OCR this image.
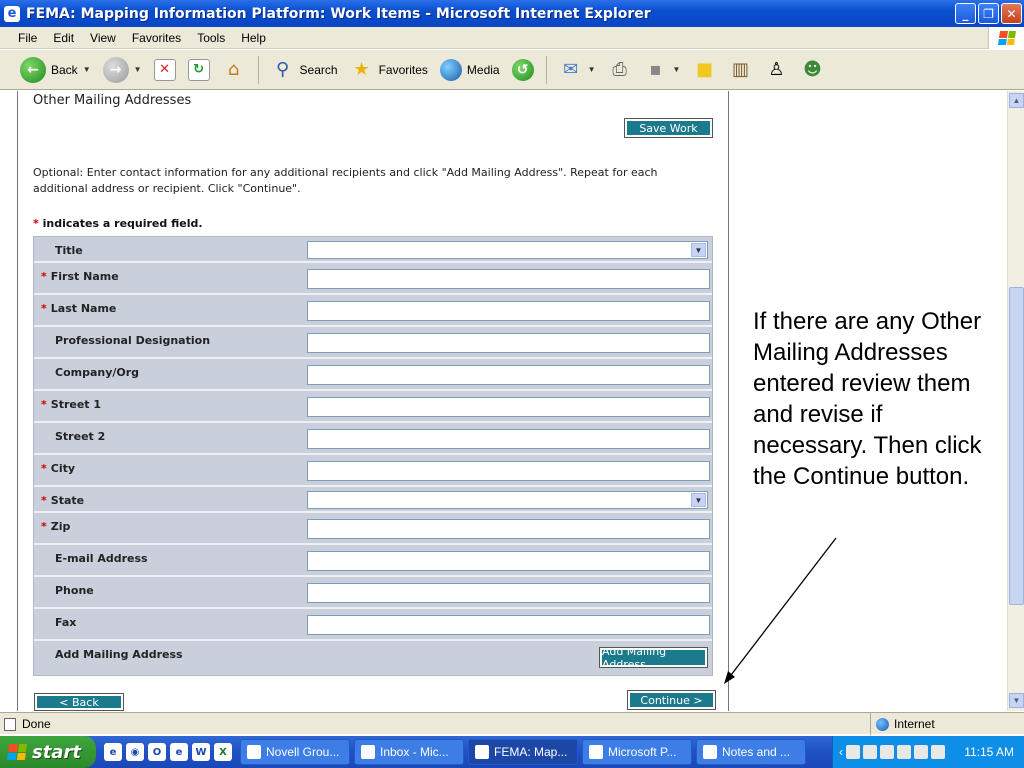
e FEMA: Mapping Information Platform: Work Items - Microsoft Internet Explorer	_	❐	✕
File	Edit	View	Favorites	Tools	Help
←	Back ▼	→	▼	✕	↻	⌂	⚲ Search ★ Favorites	Media	↺ ✉	▼ ⎙	▪	▼ ■ ▥ ♙ ☻
Other Mailing Addresses
Save Work
Optional: Enter contact information for any additional recipients and click "Add Mailing Address". Repeat for each additional address or recipient. Click "Continue".
* indicates a required field.
Title	▼
* First Name
* Last Name
Professional Designation
Company/Org
* Street 1
Street 2
* City
* State	▼
* Zip
E-mail Address
Phone
Fax
Add Mailing Address	Add Mailing Address
< Back	Continue >
If there are any Other Mailing Addresses entered review them and revise if necessary. Then click the Continue button.
▲
▼
Done	Internet
start	e	◉	O	e	W	X	Novell Grou...	Inbox - Mic...	FEMA: Map...	Microsoft P...	Notes and ...	‹	11:15 AM
